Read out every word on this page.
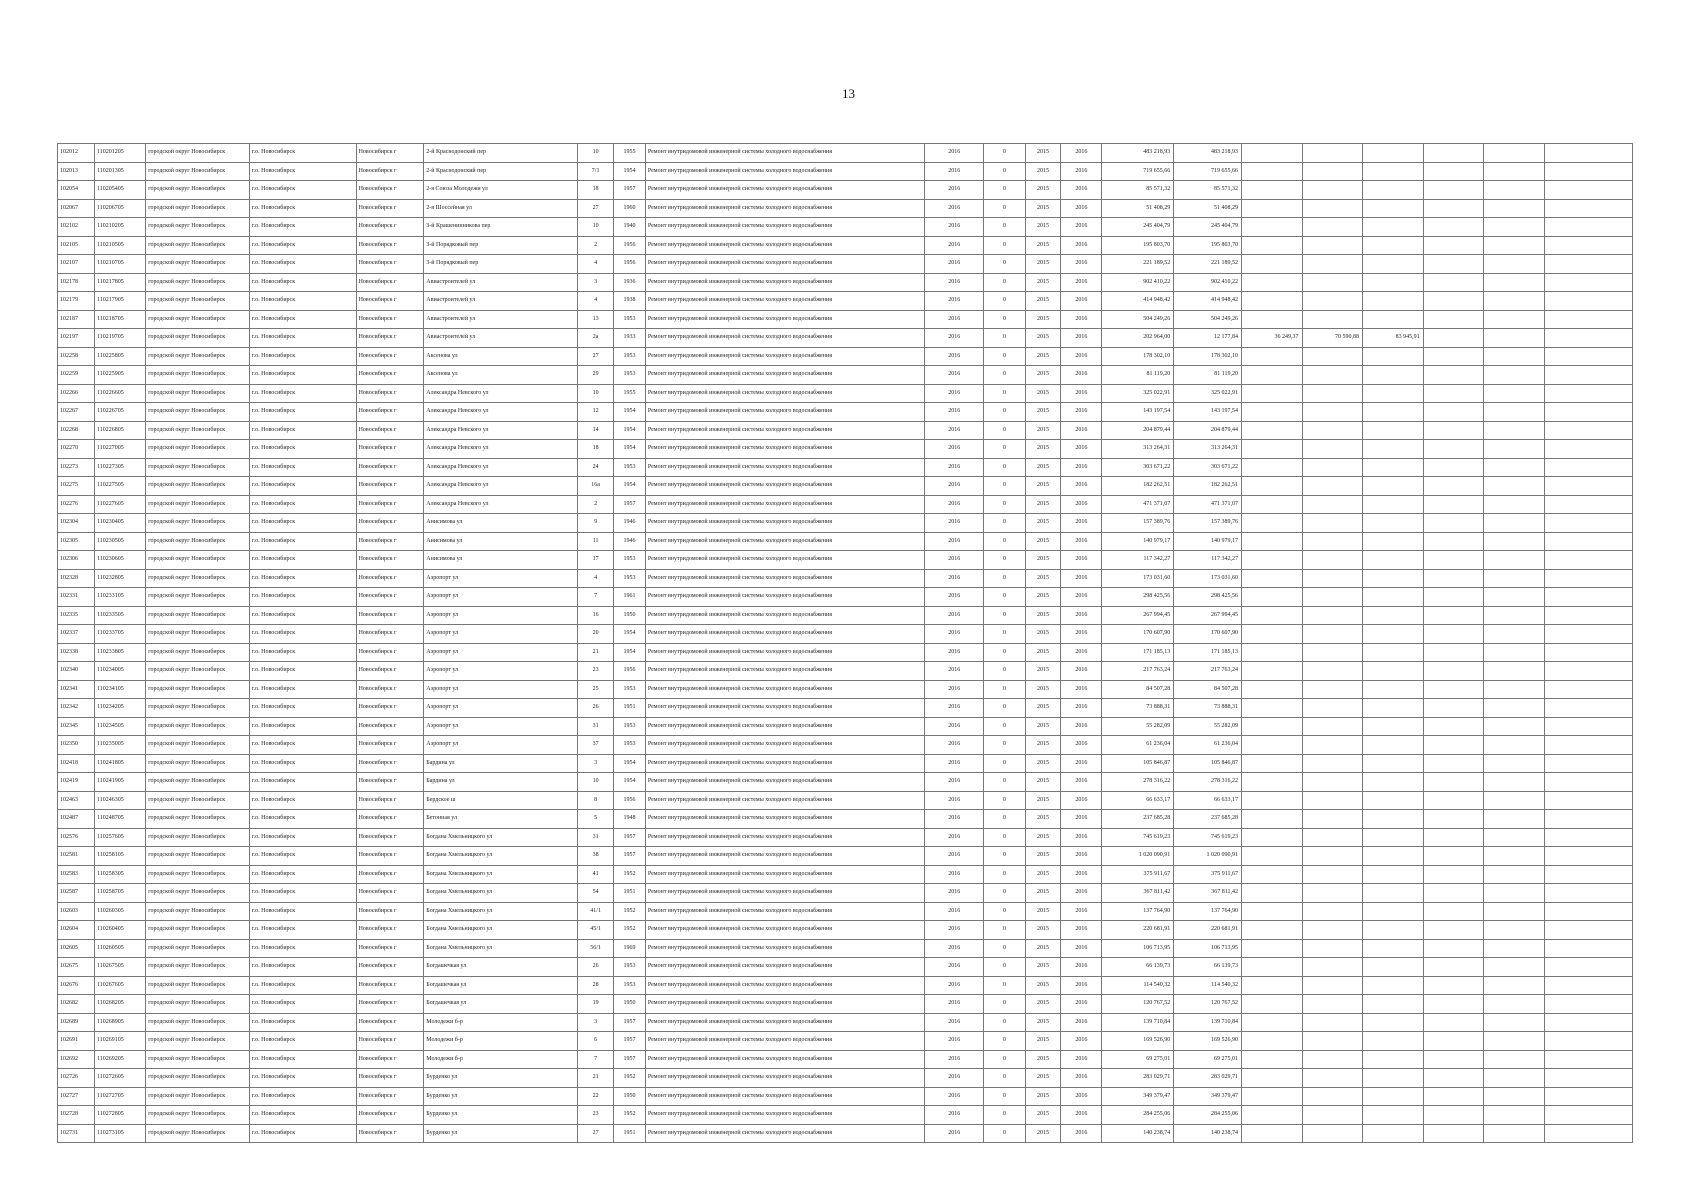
13
102012	110201205	городской округ Новосибирск	г.о. Новосибирск	Новосибирск г	2-й Краснодонский пер	10	1955	Ремонт внутридомовой инженерной системы холодного водоснабжения	2016	0	2015	2016	483 218,93	483 218,93						
102013	110201305	городской округ Новосибирск	г.о. Новосибирск	Новосибирск г	2-й Краснодонский пер	7/1	1954	Ремонт внутридомовой инженерной системы холодного водоснабжения	2016	0	2015	2016	719 655,66	719 655,66						
102054	110205405	городской округ Новосибирск	г.о. Новосибирск	Новосибирск г	2-я Союза Молодежи ул	18	1957	Ремонт внутридомовой инженерной системы холодного водоснабжения	2016	0	2015	2016	85 571,32	85 571,32						
102067	110206705	городской округ Новосибирск	г.о. Новосибирск	Новосибирск г	2-я Шоссейная ул	27	1960	Ремонт внутридомовой инженерной системы холодного водоснабжения	2016	0	2015	2016	51 408,29	51 408,29						
102102	110210205	городской округ Новосибирск	г.о. Новосибирск	Новосибирск г	3-й Крашенинникова пер	10	1940	Ремонт внутридомовой инженерной системы холодного водоснабжения	2016	0	2015	2016	245 404,79	245 404,79						
102105	110210505	городской округ Новосибирск	г.о. Новосибирск	Новосибирск г	3-й Порядковый пер	2	1956	Ремонт внутридомовой инженерной системы холодного водоснабжения	2016	0	2015	2016	195 803,70	195 803,70						
102107	110210705	городской округ Новосибирск	г.о. Новосибирск	Новосибирск г	3-й Порядковый пер	4	1956	Ремонт внутридомовой инженерной системы холодного водоснабжения	2016	0	2015	2016	221 189,52	221 189,52						
102178	110217805	городской округ Новосибирск	г.о. Новосибирск	Новосибирск г	Авиастроителей ул	3	1936	Ремонт внутридомовой инженерной системы холодного водоснабжения	2016	0	2015	2016	902 410,22	902 410,22						
102179	110217905	городской округ Новосибирск	г.о. Новосибирск	Новосибирск г	Авиастроителей ул	4	1938	Ремонт внутридомовой инженерной системы холодного водоснабжения	2016	0	2015	2016	414 948,42	414 948,42						
102187	110218705	городской округ Новосибирск	г.о. Новосибирск	Новосибирск г	Авиастроителей ул	13	1953	Ремонт внутридомовой инженерной системы холодного водоснабжения	2016	0	2015	2016	504 249,26	504 249,26						
102197	110219705	городской округ Новосибирск	г.о. Новосибирск	Новосибирск г	Авиастроителей ул	2а	1933	Ремонт внутридомовой инженерной системы холодного водоснабжения	2016	0	2015	2016	202 964,00	12 177,84	36 249,37	70 590,88	83 945,91			
102258	110225805	городской округ Новосибирск	г.о. Новосибирск	Новосибирск г	Аксенова ул	27	1953	Ремонт внутридомовой инженерной системы холодного водоснабжения	2016	0	2015	2016	178 302,10	178 302,10						
102259	110225905	городской округ Новосибирск	г.о. Новосибирск	Новосибирск г	Аксенова ул	29	1953	Ремонт внутридомовой инженерной системы холодного водоснабжения	2016	0	2015	2016	81 119,20	81 119,20						
102266	110226605	городской округ Новосибирск	г.о. Новосибирск	Новосибирск г	Александра Невского ул	10	1955	Ремонт внутридомовой инженерной системы холодного водоснабжения	2016	0	2015	2016	325 022,91	325 022,91						
102267	110226705	городской округ Новосибирск	г.о. Новосибирск	Новосибирск г	Александра Невского ул	12	1954	Ремонт внутридомовой инженерной системы холодного водоснабжения	2016	0	2015	2016	143 197,54	143 197,54						
102268	110226805	городской округ Новосибирск	г.о. Новосибирск	Новосибирск г	Александра Невского ул	14	1954	Ремонт внутридомовой инженерной системы холодного водоснабжения	2016	0	2015	2016	204 879,44	204 879,44						
102270	110227005	городской округ Новосибирск	г.о. Новосибирск	Новосибирск г	Александра Невского ул	18	1954	Ремонт внутридомовой инженерной системы холодного водоснабжения	2016	0	2015	2016	313 264,31	313 264,31						
102273	110227305	городской округ Новосибирск	г.о. Новосибирск	Новосибирск г	Александра Невского ул	24	1953	Ремонт внутридомовой инженерной системы холодного водоснабжения	2016	0	2015	2016	303 671,22	303 671,22						
102275	110227505	городской округ Новосибирск	г.о. Новосибирск	Новосибирск г	Александра Невского ул	16а	1954	Ремонт внутридомовой инженерной системы холодного водоснабжения	2016	0	2015	2016	182 262,51	182 262,51						
102276	110227605	городской округ Новосибирск	г.о. Новосибирск	Новосибирск г	Александра Невского ул	2	1957	Ремонт внутридомовой инженерной системы холодного водоснабжения	2016	0	2015	2016	471 371,07	471 371,07						
102304	110230405	городской округ Новосибирск	г.о. Новосибирск	Новосибирск г	Анисимова ул	9	1946	Ремонт внутридомовой инженерной системы холодного водоснабжения	2016	0	2015	2016	157 389,76	157 389,76						
102305	110230505	городской округ Новосибирск	г.о. Новосибирск	Новосибирск г	Анисимова ул	11	1946	Ремонт внутридомовой инженерной системы холодного водоснабжения	2016	0	2015	2016	140 979,17	140 979,17						
102306	110230605	городской округ Новосибирск	г.о. Новосибирск	Новосибирск г	Анисимова ул	17	1953	Ремонт внутридомовой инженерной системы холодного водоснабжения	2016	0	2015	2016	117 342,27	117 342,27						
102328	110232805	городской округ Новосибирск	г.о. Новосибирск	Новосибирск г	Аэропорт ул	4	1953	Ремонт внутридомовой инженерной системы холодного водоснабжения	2016	0	2015	2016	173 031,60	173 031,60						
102331	110233105	городской округ Новосибирск	г.о. Новосибирск	Новосибирск г	Аэропорт ул	7	1961	Ремонт внутридомовой инженерной системы холодного водоснабжения	2016	0	2015	2016	298 425,56	298 425,56						
102335	110233505	городской округ Новосибирск	г.о. Новосибирск	Новосибирск г	Аэропорт ул	16	1950	Ремонт внутридомовой инженерной системы холодного водоснабжения	2016	0	2015	2016	267 994,45	267 994,45						
102337	110233705	городской округ Новосибирск	г.о. Новосибирск	Новосибирск г	Аэропорт ул	20	1954	Ремонт внутридомовой инженерной системы холодного водоснабжения	2016	0	2015	2016	170 607,90	170 607,90						
102338	110233805	городской округ Новосибирск	г.о. Новосибирск	Новосибирск г	Аэропорт ул	21	1954	Ремонт внутридомовой инженерной системы холодного водоснабжения	2016	0	2015	2016	171 185,13	171 185,13						
102340	110234005	городской округ Новосибирск	г.о. Новосибирск	Новосибирск г	Аэропорт ул	23	1956	Ремонт внутридомовой инженерной системы холодного водоснабжения	2016	0	2015	2016	217 763,24	217 763,24						
102341	110234105	городской округ Новосибирск	г.о. Новосибирск	Новосибирск г	Аэропорт ул	25	1953	Ремонт внутридомовой инженерной системы холодного водоснабжения	2016	0	2015	2016	84 507,28	84 507,28						
102342	110234205	городской округ Новосибирск	г.о. Новосибирск	Новосибирск г	Аэропорт ул	26	1951	Ремонт внутридомовой инженерной системы холодного водоснабжения	2016	0	2015	2016	73 888,31	73 888,31						
102345	110234505	городской округ Новосибирск	г.о. Новосибирск	Новосибирск г	Аэропорт ул	31	1953	Ремонт внутридомовой инженерной системы холодного водоснабжения	2016	0	2015	2016	55 282,09	55 282,09						
102350	110235005	городской округ Новосибирск	г.о. Новосибирск	Новосибирск г	Аэропорт ул	37	1953	Ремонт внутридомовой инженерной системы холодного водоснабжения	2016	0	2015	2016	61 236,04	61 236,04						
102418	110241805	городской округ Новосибирск	г.о. Новосибирск	Новосибирск г	Бардина ул	3	1954	Ремонт внутридомовой инженерной системы холодного водоснабжения	2016	0	2015	2016	105 846,87	105 846,87						
102419	110241905	городской округ Новосибирск	г.о. Новосибирск	Новосибирск г	Бардина ул	10	1954	Ремонт внутридомовой инженерной системы холодного водоснабжения	2016	0	2015	2016	278 316,22	278 316,22						
102463	110246305	городской округ Новосибирск	г.о. Новосибирск	Новосибирск г	Бердское ш	8	1956	Ремонт внутридомовой инженерной системы холодного водоснабжения	2016	0	2015	2016	66 633,17	66 633,17						
102487	110248705	городской округ Новосибирск	г.о. Новосибирск	Новосибирск г	Бетонная ул	5	1948	Ремонт внутридомовой инженерной системы холодного водоснабжения	2016	0	2015	2016	237 685,28	237 685,28						
102576	110257605	городской округ Новосибирск	г.о. Новосибирск	Новосибирск г	Богдана Хмельницкого ул	31	1957	Ремонт внутридомовой инженерной системы холодного водоснабжения	2016	0	2015	2016	745 619,23	745 619,23						
102581	110258105	городской округ Новосибирск	г.о. Новосибирск	Новосибирск г	Богдана Хмельницкого ул	38	1957	Ремонт внутридомовой инженерной системы холодного водоснабжения	2016	0	2015	2016	1 020 090,91	1 020 090,91						
102583	110258305	городской округ Новосибирск	г.о. Новосибирск	Новосибирск г	Богдана Хмельницкого ул	41	1952	Ремонт внутридомовой инженерной системы холодного водоснабжения	2016	0	2015	2016	375 911,67	375 911,67						
102587	110258705	городской округ Новосибирск	г.о. Новосибирск	Новосибирск г	Богдана Хмельницкого ул	54	1951	Ремонт внутридомовой инженерной системы холодного водоснабжения	2016	0	2015	2016	367 811,42	367 811,42						
102603	110260305	городской округ Новосибирск	г.о. Новосибирск	Новосибирск г	Богдана Хмельницкого ул	41/1	1952	Ремонт внутридомовой инженерной системы холодного водоснабжения	2016	0	2015	2016	137 764,90	137 764,90						
102604	110260405	городской округ Новосибирск	г.о. Новосибирск	Новосибирск г	Богдана Хмельницкого ул	45/1	1952	Ремонт внутридомовой инженерной системы холодного водоснабжения	2016	0	2015	2016	220 681,91	220 681,91						
102605	110260505	городской округ Новосибирск	г.о. Новосибирск	Новосибирск г	Богдана Хмельницкого ул	56/1	1969	Ремонт внутридомовой инженерной системы холодного водоснабжения	2016	0	2015	2016	106 713,95	106 713,95						
102675	110267505	городской округ Новосибирск	г.о. Новосибирск	Новосибирск г	Богдашечкая ул	26	1953	Ремонт внутридомовой инженерной системы холодного водоснабжения	2016	0	2015	2016	66 139,73	66 139,73						
102676	110267605	городской округ Новосибирск	г.о. Новосибирск	Новосибирск г	Богдашечкая ул	28	1953	Ремонт внутридомовой инженерной системы холодного водоснабжения	2016	0	2015	2016	114 540,32	114 540,32						
102682	110268205	городской округ Новосибирск	г.о. Новосибирск	Новосибирск г	Богдашечкая ул	19	1950	Ремонт внутридомовой инженерной системы холодного водоснабжения	2016	0	2015	2016	120 767,52	120 767,52						
102689	110268905	городской округ Новосибирск	г.о. Новосибирск	Новосибирск г	Молодежи б-р	3	1957	Ремонт внутридомовой инженерной системы холодного водоснабжения	2016	0	2015	2016	139 710,84	139 710,84						
102691	110269105	городской округ Новосибирск	г.о. Новосибирск	Новосибирск г	Молодежи б-р	6	1957	Ремонт внутридомовой инженерной системы холодного водоснабжения	2016	0	2015	2016	169 526,90	169 526,90						
102692	110269205	городской округ Новосибирск	г.о. Новосибирск	Новосибирск г	Молодежи б-р	7	1957	Ремонт внутридомовой инженерной системы холодного водоснабжения	2016	0	2015	2016	69 275,01	69 275,01						
102726	110272605	городской округ Новосибирск	г.о. Новосибирск	Новосибирск г	Бурденко ул	21	1952	Ремонт внутридомовой инженерной системы холодного водоснабжения	2016	0	2015	2016	283 029,71	283 029,71						
102727	110272705	городской округ Новосибирск	г.о. Новосибирск	Новосибирск г	Бурденко ул	22	1950	Ремонт внутридомовой инженерной системы холодного водоснабжения	2016	0	2015	2016	349 379,47	349 379,47						
102728	110272805	городской округ Новосибирск	г.о. Новосибирск	Новосибирск г	Бурденко ул	23	1952	Ремонт внутридомовой инженерной системы холодного водоснабжения	2016	0	2015	2016	284 255,06	284 255,06						
102731	110273105	городской округ Новосибирск	г.о. Новосибирск	Новосибирск г	Бурденко ул	27	1951	Ремонт внутридомовой инженерной системы холодного водоснабжения	2016	0	2015	2016	140 238,74	140 238,74						
